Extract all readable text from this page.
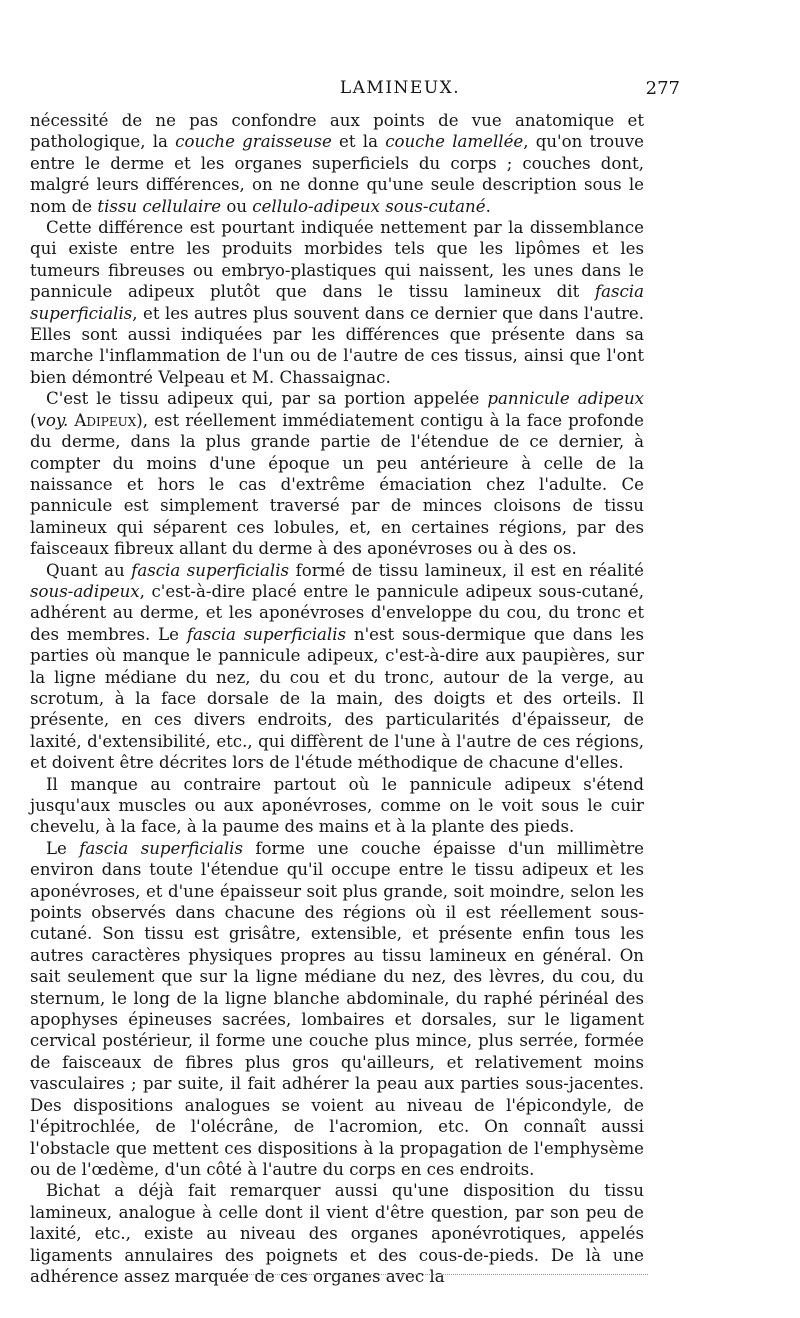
LAMINEUX.	277

nécessité de ne pas confondre aux points de vue anatomique et pathologique, la couche graisseuse et la couche lamellée, qu'on trouve entre le derme et les organes superficiels du corps ; couches dont, malgré leurs différences, on ne donne qu'une seule description sous le nom de tissu cellulaire ou cellulo-adipeux sous-cutané.

Cette différence est pourtant indiquée nettement par la dissemblance qui existe entre les produits morbides tels que les lipômes et les tumeurs fibreuses ou embryo-plastiques qui naissent, les unes dans le pannicule adipeux plutôt que dans le tissu lamineux dit fascia superficialis, et les autres plus souvent dans ce dernier que dans l'autre. Elles sont aussi indiquées par les différences que présente dans sa marche l'inflammation de l'un ou de l'autre de ces tissus, ainsi que l'ont bien démontré Velpeau et M. Chassaignac.

C'est le tissu adipeux qui, par sa portion appelée pannicule adipeux (voy. Adipeux), est réellement immédiatement contigu à la face profonde du derme, dans la plus grande partie de l'étendue de ce dernier, à compter du moins d'une époque un peu antérieure à celle de la naissance et hors le cas d'extrême émaciation chez l'adulte. Ce pannicule est simplement traversé par de minces cloisons de tissu lamineux qui séparent ces lobules, et, en certaines régions, par des faisceaux fibreux allant du derme à des aponévroses ou à des os.

Quant au fascia superficialis formé de tissu lamineux, il est en réalité sous-adipeux, c'est-à-dire placé entre le pannicule adipeux sous-cutané, adhérent au derme, et les aponévroses d'enveloppe du cou, du tronc et des membres. Le fascia superficialis n'est sous-dermique que dans les parties où manque le pannicule adipeux, c'est-à-dire aux paupières, sur la ligne médiane du nez, du cou et du tronc, autour de la verge, au scrotum, à la face dorsale de la main, des doigts et des orteils. Il présente, en ces divers endroits, des particularités d'épaisseur, de laxité, d'extensibilité, etc., qui diffèrent de l'une à l'autre de ces régions, et doivent être décrites lors de l'étude méthodique de chacune d'elles.

Il manque au contraire partout où le pannicule adipeux s'étend jusqu'aux muscles ou aux aponévroses, comme on le voit sous le cuir chevelu, à la face, à la paume des mains et à la plante des pieds.

Le fascia superficialis forme une couche épaisse d'un millimètre environ dans toute l'étendue qu'il occupe entre le tissu adipeux et les aponévroses, et d'une épaisseur soit plus grande, soit moindre, selon les points observés dans chacune des régions où il est réellement sous-cutané. Son tissu est grisâtre, extensible, et présente enfin tous les autres caractères physiques propres au tissu lamineux en général. On sait seulement que sur la ligne médiane du nez, des lèvres, du cou, du sternum, le long de la ligne blanche abdominale, du raphé périnéal des apophyses épineuses sacrées, lombaires et dorsales, sur le ligament cervical postérieur, il forme une couche plus mince, plus serrée, formée de faisceaux de fibres plus gros qu'ailleurs, et relativement moins vasculaires ; par suite, il fait adhérer la peau aux parties sous-jacentes. Des dispositions analogues se voient au niveau de l'épicondyle, de l'épitrochlée, de l'olécrâne, de l'acromion, etc. On connaît aussi l'obstacle que mettent ces dispositions à la propagation de l'emphysème ou de l'œdème, d'un côté à l'autre du corps en ces endroits.

Bichat a déjà fait remarquer aussi qu'une disposition du tissu lamineux, analogue à celle dont il vient d'être question, par son peu de laxité, etc., existe au niveau des organes aponévrotiques, appelés ligaments annulaires des poignets et des cous-de-pieds. De là une adhérence assez marquée de ces organes avec la
